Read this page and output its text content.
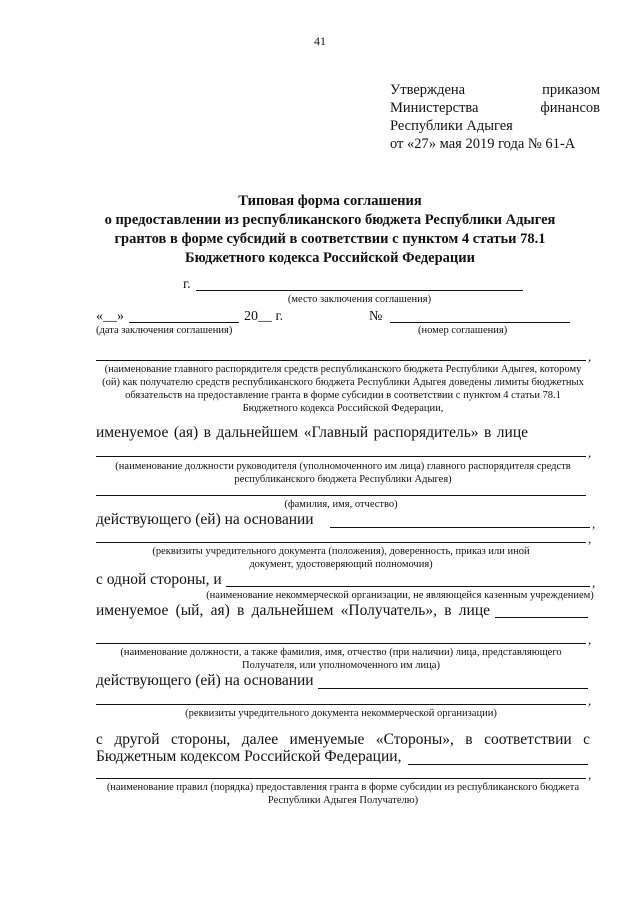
41
Утверждена	приказом
Министерства	финансов
Республики Адыгея
от «27» мая 2019 года № 61-А
Типовая форма соглашения
о предоставлении из республиканского бюджета Республики Адыгея
грантов в форме субсидий в соответствии с пунктом 4 статьи 78.1
Бюджетного кодекса Российской Федерации
г.
(место заключения соглашения)
«__»	20__ г.	№
(дата заключения соглашения)	(номер соглашения)
,
(наименование главного распорядителя средств республиканского бюджета Республики Адыгея, которому
(ой) как получателю средств республиканского бюджета Республики Адыгея доведены лимиты бюджетных
обязательств на предоставление гранта в форме субсидии в соответствии с пунктом 4 статьи 78.1
Бюджетного кодекса Российской Федерации,
именуемое (ая) в дальнейшем «Главный распорядитель» в лице
,
(наименование должности руководителя (уполномоченного им лица) главного распорядителя средств
республиканского бюджета Республики Адыгея)
(фамилия, имя, отчество)
действующего (ей) на основании	,
,
(реквизиты учредительного документа (положения), доверенность, приказ или иной
документ, удостоверяющий полномочия)
с одной стороны, и	,
(наименование некоммерческой организации, не являющейся казенным учреждением)
именуемое (ый, ая) в дальнейшем «Получатель», в лице
,
(наименование должности, а также фамилия, имя, отчество (при наличии) лица, представляющего
Получателя, или уполномоченного им лица)
действующего (ей) на основании
,
(реквизиты учредительного документа некоммерческой организации)
с другой стороны, далее именуемые «Стороны», в соответствии с
Бюджетным кодексом Российской Федерации,
,
(наименование правил (порядка) предоставления гранта в форме субсидии из республиканского бюджета
Республики Адыгея Получателю)
